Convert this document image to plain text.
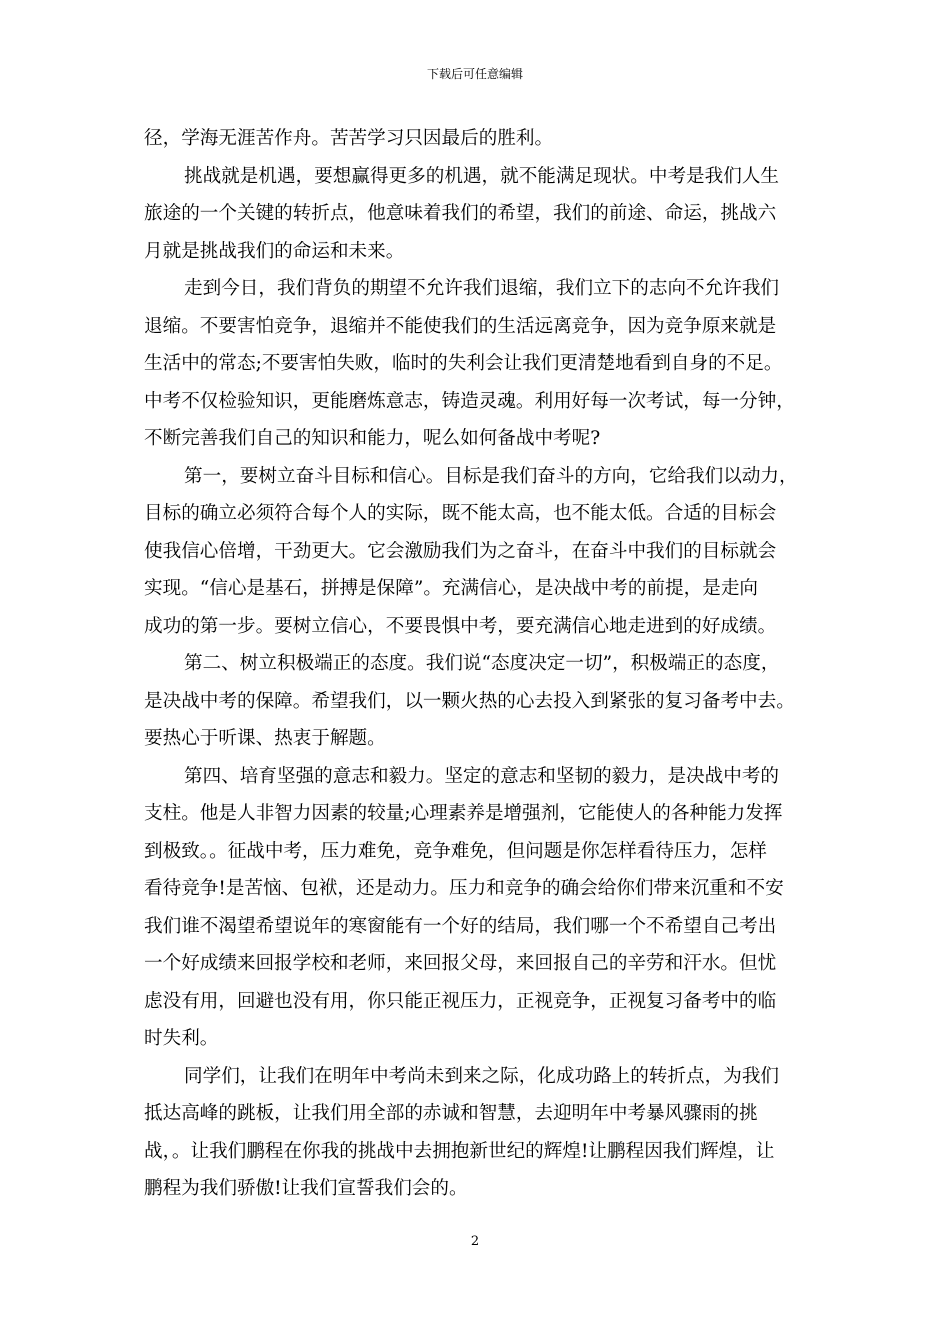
下载后可任意编辑
径，学海无涯苦作舟。苦苦学习只因最后的胜利。
挑战就是机遇，要想赢得更多的机遇，就不能满足现状。中考是我们人生
旅途的一个关键的转折点，他意味着我们的希望，我们的前途、命运，挑战六
月就是挑战我们的命运和未来。
走到今日，我们背负的期望不允许我们退缩，我们立下的志向不允许我们
退缩。不要害怕竞争，退缩并不能使我们的生活远离竞争，因为竞争原来就是
生活中的常态;不要害怕失败，临时的失利会让我们更清楚地看到自身的不足。
中考不仅检验知识，更能磨炼意志，铸造灵魂。利用好每一次考试，每一分钟，
不断完善我们自己的知识和能力，呢么如何备战中考呢?
第一，要树立奋斗目标和信心。目标是我们奋斗的方向，它给我们以动力，
目标的确立必须符合每个人的实际，既不能太高，也不能太低。合适的目标会
使我信心倍增，干劲更大。它会激励我们为之奋斗，在奋斗中我们的目标就会
实现。“信心是基石，拼搏是保障”。充满信心，是决战中考的前提，是走向
成功的第一步。要树立信心，不要畏惧中考，要充满信心地走进到的好成绩。
第二、树立积极端正的态度。我们说“态度决定一切”，积极端正的态度，
是决战中考的保障。希望我们，以一颗火热的心去投入到紧张的复习备考中去。
要热心于听课、热衷于解题。
第四、培育坚强的意志和毅力。坚定的意志和坚韧的毅力，是决战中考的
支柱。他是人非智力因素的较量;心理素养是增强剂，它能使人的各种能力发挥
到极致。。征战中考，压力难免，竞争难免，但问题是你怎样看待压力，怎样
看待竞争!是苦恼、包袱，还是动力。压力和竞争的确会给你们带来沉重和不安
我们谁不渴望希望说年的寒窗能有一个好的结局，我们哪一个不希望自己考出
一个好成绩来回报学校和老师，来回报父母，来回报自己的辛劳和汗水。但忧
虑没有用，回避也没有用，你只能正视压力，正视竞争，正视复习备考中的临
时失利。
同学们，让我们在明年中考尚未到来之际，化成功路上的转折点，为我们
抵达高峰的跳板，让我们用全部的赤诚和智慧，去迎明年中考暴风骤雨的挑
战，。让我们鹏程在你我的挑战中去拥抱新世纪的辉煌!让鹏程因我们辉煌，让
鹏程为我们骄傲!让我们宣誓我们会的。
2
